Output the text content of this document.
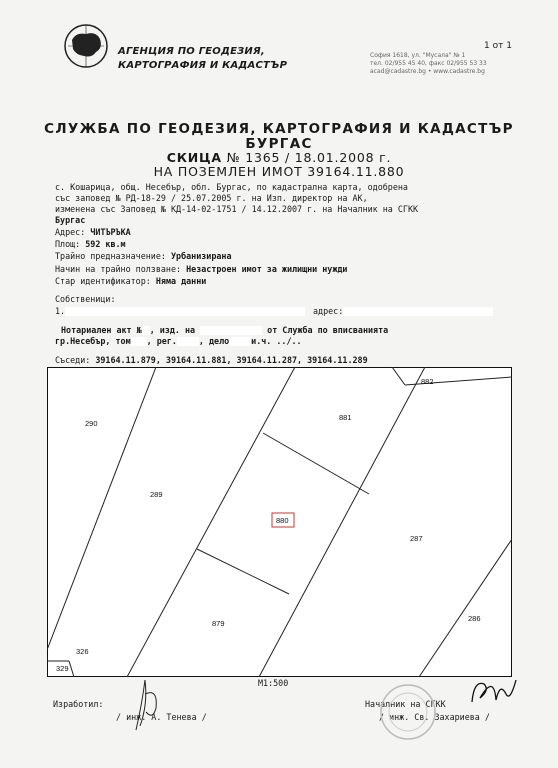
АГЕНЦИЯ ПО ГЕОДЕЗИЯ,
КАРТОГРАФИЯ И КАДАСТЪР
1 от 1
София 1618, ул. "Мусала" № 1
тел. 02/955 45 40, факс 02/955 53 33
acad@cadastre.bg • www.cadastre.bg
СЛУЖБА ПО ГЕОДЕЗИЯ, КАРТОГРАФИЯ И КАДАСТЪР
БУРГАС
СКИЦА № 1365 / 18.01.2008 г.
НА ПОЗЕМЛЕН ИМОТ 39164.11.880
с. Кошарица, общ. Несебър, обл. Бургас, по кадастрална карта, одобрена
със заповед № РД-18-29 / 25.07.2005 г. на Изп. директор на АК,
изменена със Заповед № КД-14-02-1751 / 14.12.2007 г. на Началник на СГКК
Бургас
Адрес: ЧИТЪРЪКА
Площ: 592 кв.м
Трайно предназначение: Урбанизирана
Начин на трайно ползване: Незастроен имот за жилищни нужди
Стар идентификатор: Няма данни
Собственици:
1.	адрес:
Нотариален акт № , изд. на	от Служба по вписванията
гр.Несебър, том , рег.	, дело	и.ч. ../..
Съседи: 39164.11.879, 39164.11.881, 39164.11.287, 39164.11.289
882
881
290
289
880
287
879
286
326
329
М1:500
Изработил:
/ инж. А. Тенева /
Началник на СГКК
/ инж. Св. Захариева /
